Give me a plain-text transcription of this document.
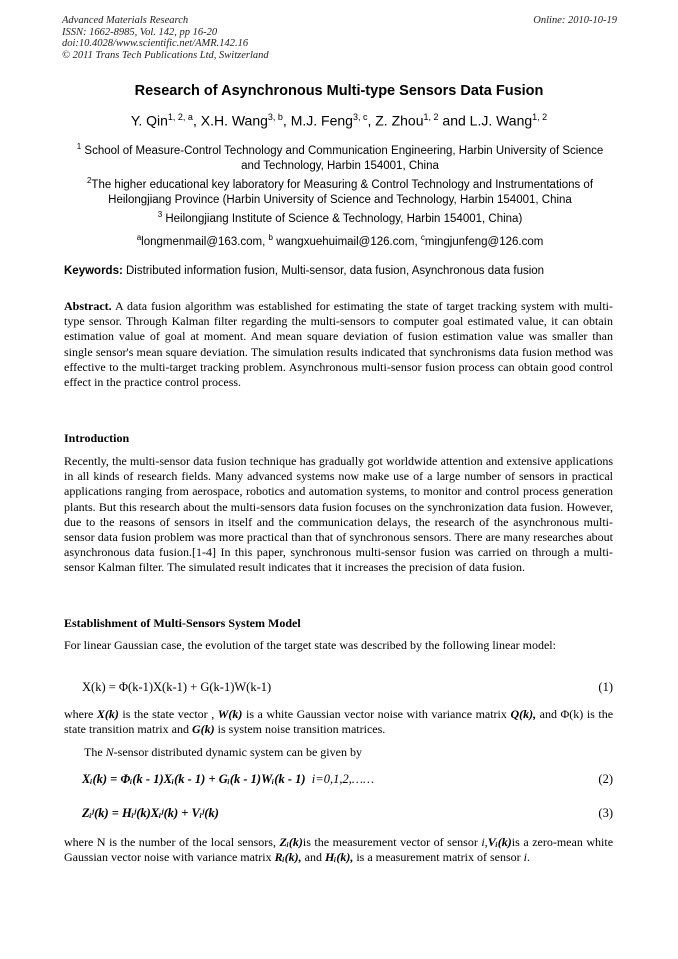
Advanced Materials Research
ISSN: 1662-8985, Vol. 142, pp 16-20
doi:10.4028/www.scientific.net/AMR.142.16
© 2011 Trans Tech Publications Ltd, Switzerland
Online: 2010-10-19
Research of Asynchronous Multi-type Sensors Data Fusion
Y. Qin$^{1, 2, a}$, X.H. Wang$^{3, b}$, M.J. Feng$^{3, c}$, Z. Zhou$^{1, 2}$ and L.J. Wang$^{1, 2}$
$^1$ School of Measure-Control Technology and Communication Engineering, Harbin University of Science and Technology, Harbin 154001, China
$^2$The higher educational key laboratory for Measuring & Control Technology and Instrumentations of Heilongjiang Province (Harbin University of Science and Technology, Harbin 154001, China
$^3$ Heilongjiang Institute of Science & Technology, Harbin 154001, China)
$^a$longmenmail@163.com, $^b$ wangxuehuimail@126.com, $^c$mingjunfeng@126.com
Keywords: Distributed information fusion, Multi-sensor, data fusion, Asynchronous data fusion
Abstract. A data fusion algorithm was established for estimating the state of target tracking system with multi-type sensor. Through Kalman filter regarding the multi-sensors to computer goal estimated value, it can obtain estimation value of goal at moment. And mean square deviation of fusion estimation value was smaller than single sensor's mean square deviation. The simulation results indicated that synchronisms data fusion method was effective to the multi-target tracking problem. Asynchronous multi-sensor fusion process can obtain good control effect in the practice control process.
Introduction
Recently, the multi-sensor data fusion technique has gradually got worldwide attention and extensive applications in all kinds of research fields. Many advanced systems now make use of a large number of sensors in practical applications ranging from aerospace, robotics and automation systems, to monitor and control process generation plants. But this research about the multi-sensors data fusion focuses on the synchronization data fusion. However, due to the reasons of sensors in itself and the communication delays, the research of the asynchronous multi-sensor data fusion problem was more practical than that of synchronous sensors. There are many researches about asynchronous data fusion.[1-4] In this paper, synchronous multi-sensor fusion was carried on through a multi-sensor Kalman filter. The simulated result indicates that it increases the precision of data fusion.
Establishment of Multi-Sensors System Model
For linear Gaussian case, the evolution of the target state was described by the following linear model:
X(k) = Φ(k-1)X(k-1) + G(k-1)W(k-1)	(1)
where X(k) is the state vector , W(k) is a white Gaussian vector noise with variance matrix Q(k), and Φ(k) is the state transition matrix and G(k) is system noise transition matrices.
The N-sensor distributed dynamic system can be given by
Xᵢ(k) = Φᵢ(k - 1)Xᵢ(k - 1) + Gᵢ(k - 1)Wᵢ(k - 1) i=0,1,2,……	(2)
Zᵢʲ(k) = Hᵢʲ(k)Xᵢʲ(k) + Vᵢʲ(k)	(3)
where N is the number of the local sensors, Zᵢ(k)is the measurement vector of sensor i,Vᵢ(k)is a zero-mean white Gaussian vector noise with variance matrix Rᵢ(k), and Hᵢ(k), is a measurement matrix of sensor i.
